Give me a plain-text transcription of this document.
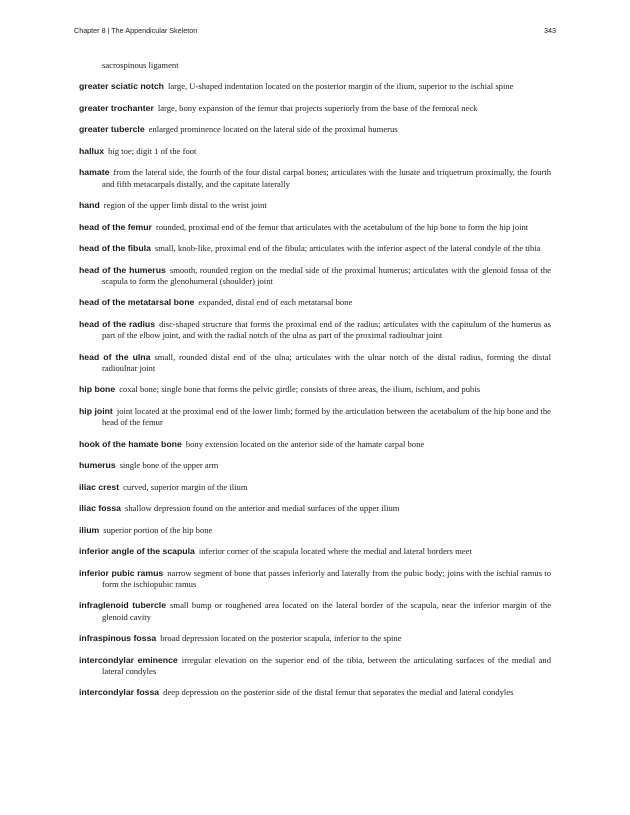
Chapter 8 | The Appendicular Skeleton	343
sacrospinous ligament
greater sciatic notch large, U-shaped indentation located on the posterior margin of the ilium, superior to the ischial spine
greater trochanter large, bony expansion of the femur that projects superiorly from the base of the femoral neck
greater tubercle enlarged prominence located on the lateral side of the proximal humerus
hallux big toe; digit 1 of the foot
hamate from the lateral side, the fourth of the four distal carpal bones; articulates with the lunate and triquetrum proximally, the fourth and fifth metacarpals distally, and the capitate laterally
hand region of the upper limb distal to the wrist joint
head of the femur rounded, proximal end of the femur that articulates with the acetabulum of the hip bone to form the hip joint
head of the fibula small, knob-like, proximal end of the fibula; articulates with the inferior aspect of the lateral condyle of the tibia
head of the humerus smooth, rounded region on the medial side of the proximal humerus; articulates with the glenoid fossa of the scapula to form the glenohumeral (shoulder) joint
head of the metatarsal bone expanded, distal end of each metatarsal bone
head of the radius disc-shaped structure that forms the proximal end of the radius; articulates with the capitulum of the humerus as part of the elbow joint, and with the radial notch of the ulna as part of the proximal radioulnar joint
head of the ulna small, rounded distal end of the ulna; articulates with the ulnar notch of the distal radius, forming the distal radioulnar joint
hip bone coxal bone; single bone that forms the pelvic girdle; consists of three areas, the ilium, ischium, and pubis
hip joint joint located at the proximal end of the lower limb; formed by the articulation between the acetabulum of the hip bone and the head of the femur
hook of the hamate bone bony extension located on the anterior side of the hamate carpal bone
humerus single bone of the upper arm
iliac crest curved, superior margin of the ilium
iliac fossa shallow depression found on the anterior and medial surfaces of the upper ilium
ilium superior portion of the hip bone
inferior angle of the scapula inferior corner of the scapula located where the medial and lateral borders meet
inferior pubic ramus narrow segment of bone that passes inferiorly and laterally from the pubic body; joins with the ischial ramus to form the ischiopubic ramus
infraglenoid tubercle small bump or roughened area located on the lateral border of the scapula, near the inferior margin of the glenoid cavity
infraspinous fossa broad depression located on the posterior scapula, inferior to the spine
intercondylar eminence irregular elevation on the superior end of the tibia, between the articulating surfaces of the medial and lateral condyles
intercondylar fossa deep depression on the posterior side of the distal femur that separates the medial and lateral condyles
